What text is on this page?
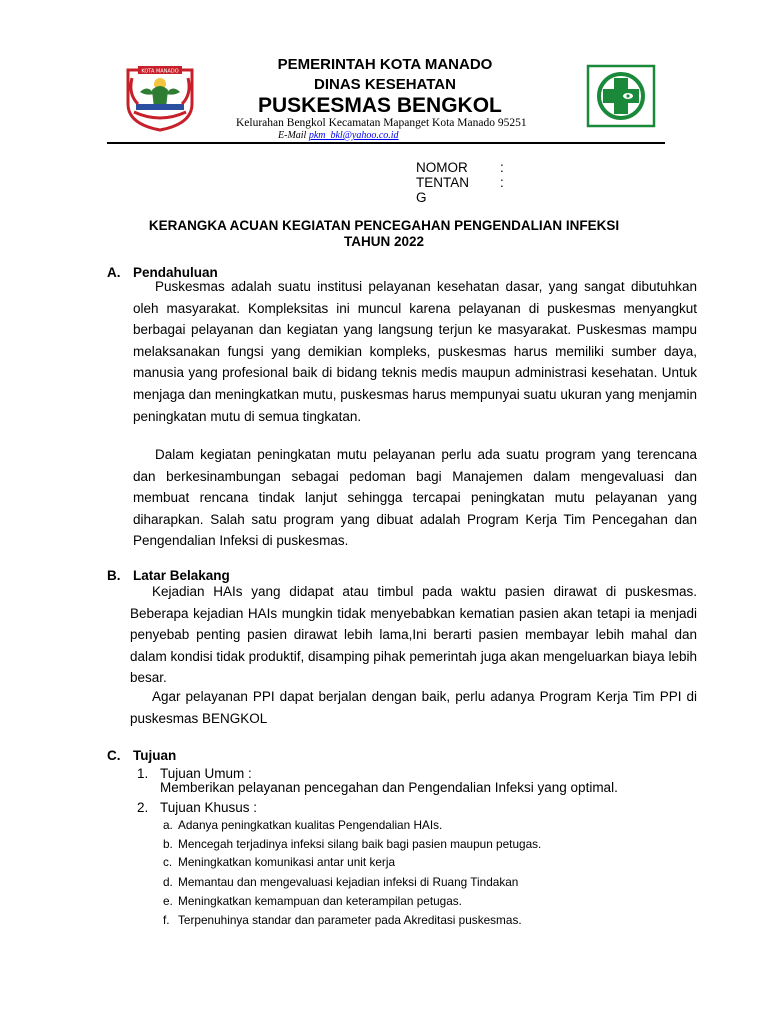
KOTA MANADO	PEMERINTAH KOTA MANADO
DINAS KESEHATAN
PUSKESMAS BENGKOL
Kelurahan Bengkol Kecamatan Mapanget Kota Manado 95251
E-Mail pkm_bkl@yahoo.co.id
NOMOR :
TENTAN :
G
KERANGKA ACUAN KEGIATAN PENCEGAHAN PENGENDALIAN INFEKSI
TAHUN 2022
A. Pendahuluan
Puskesmas adalah suatu institusi pelayanan kesehatan dasar, yang sangat dibutuhkan oleh masyarakat. Kompleksitas ini muncul karena pelayanan di puskesmas menyangkut berbagai pelayanan dan kegiatan yang langsung terjun ke masyarakat. Puskesmas mampu melaksanakan fungsi yang demikian kompleks, puskesmas harus memiliki sumber daya, manusia yang profesional baik di bidang teknis medis maupun administrasi kesehatan. Untuk menjaga dan meningkatkan mutu, puskesmas harus mempunyai suatu ukuran yang menjamin peningkatan mutu di semua tingkatan.
Dalam kegiatan peningkatan mutu pelayanan perlu ada suatu program yang terencana dan berkesinambungan sebagai pedoman bagi Manajemen dalam mengevaluasi dan membuat rencana tindak lanjut sehingga tercapai peningkatan mutu pelayanan yang diharapkan. Salah satu program yang dibuat adalah Program Kerja Tim Pencegahan dan Pengendalian Infeksi di puskesmas.
B. Latar Belakang
Kejadian HAIs yang didapat atau timbul pada waktu pasien dirawat di puskesmas. Beberapa kejadian HAIs mungkin tidak menyebabkan kematian pasien akan tetapi ia menjadi penyebab penting pasien dirawat lebih lama,Ini berarti pasien membayar lebih mahal dan dalam kondisi tidak produktif, disamping pihak pemerintah juga akan mengeluarkan biaya lebih besar.
Agar pelayanan PPI dapat berjalan dengan baik, perlu adanya Program Kerja Tim PPI di puskesmas BENGKOL
C. Tujuan
1. Tujuan Umum :
Memberikan pelayanan pencegahan dan Pengendalian Infeksi yang optimal.
2. Tujuan Khusus :
a. Adanya peningkatkan kualitas Pengendalian HAIs.
b. Mencegah terjadinya infeksi silang baik bagi pasien maupun petugas.
c. Meningkatkan komunikasi antar unit kerja
d. Memantau dan mengevaluasi kejadian infeksi di Ruang Tindakan
e. Meningkatkan kemampuan dan keterampilan petugas.
f. Terpenuhinya standar dan parameter pada Akreditasi puskesmas.
